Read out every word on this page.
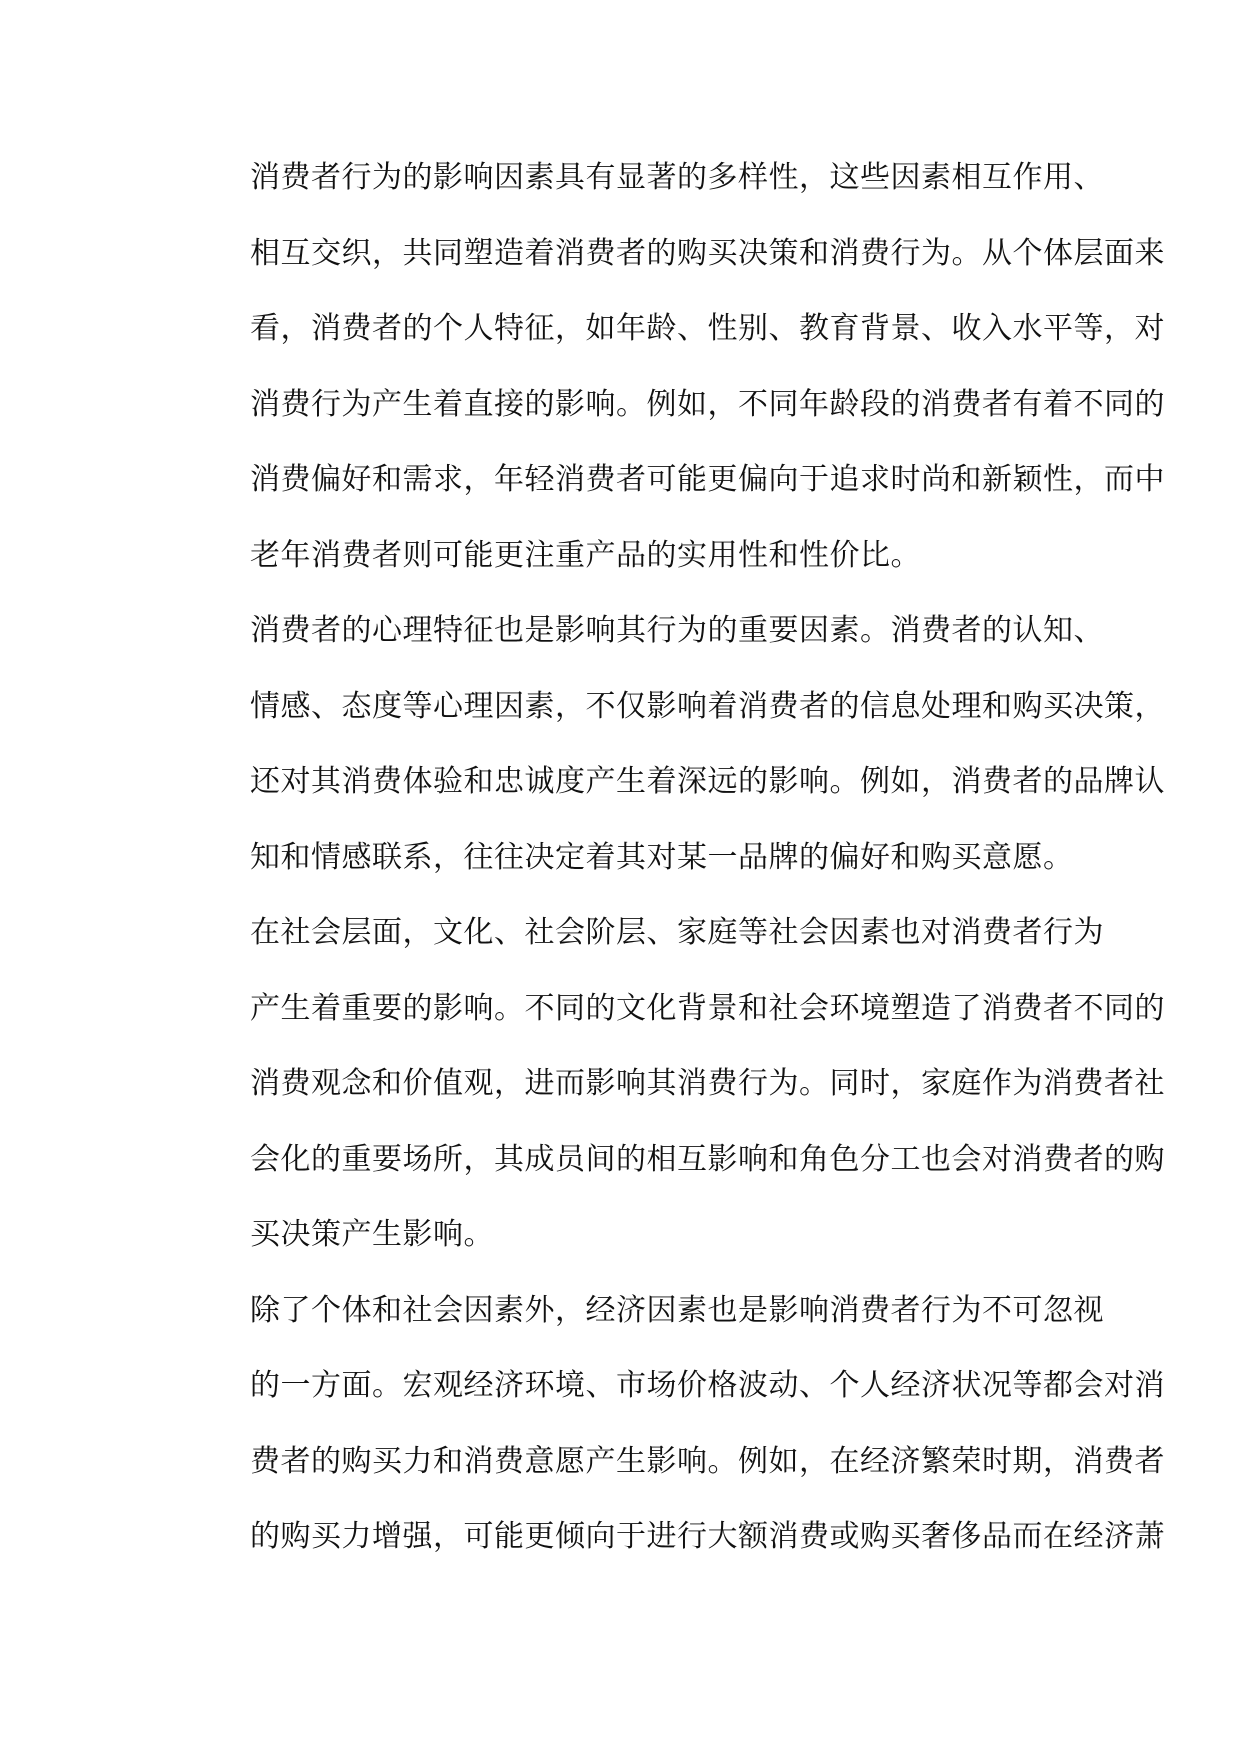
消费者行为的影响因素具有显著的多样性，这些因素相互作用、
相互交织，共同塑造着消费者的购买决策和消费行为。从个体层面来
看，消费者的个人特征，如年龄、性别、教育背景、收入水平等，对
消费行为产生着直接的影响。例如，不同年龄段的消费者有着不同的
消费偏好和需求，年轻消费者可能更偏向于追求时尚和新颖性，而中
老年消费者则可能更注重产品的实用性和性价比。

消费者的心理特征也是影响其行为的重要因素。消费者的认知、
情感、态度等心理因素，不仅影响着消费者的信息处理和购买决策，
还对其消费体验和忠诚度产生着深远的影响。例如，消费者的品牌认
知和情感联系，往往决定着其对某一品牌的偏好和购买意愿。

在社会层面，文化、社会阶层、家庭等社会因素也对消费者行为
产生着重要的影响。不同的文化背景和社会环境塑造了消费者不同的
消费观念和价值观，进而影响其消费行为。同时，家庭作为消费者社
会化的重要场所，其成员间的相互影响和角色分工也会对消费者的购
买决策产生影响。

除了个体和社会因素外，经济因素也是影响消费者行为不可忽视
的一方面。宏观经济环境、市场价格波动、个人经济状况等都会对消
费者的购买力和消费意愿产生影响。例如，在经济繁荣时期，消费者
的购买力增强，可能更倾向于进行大额消费或购买奢侈品而在经济萧
